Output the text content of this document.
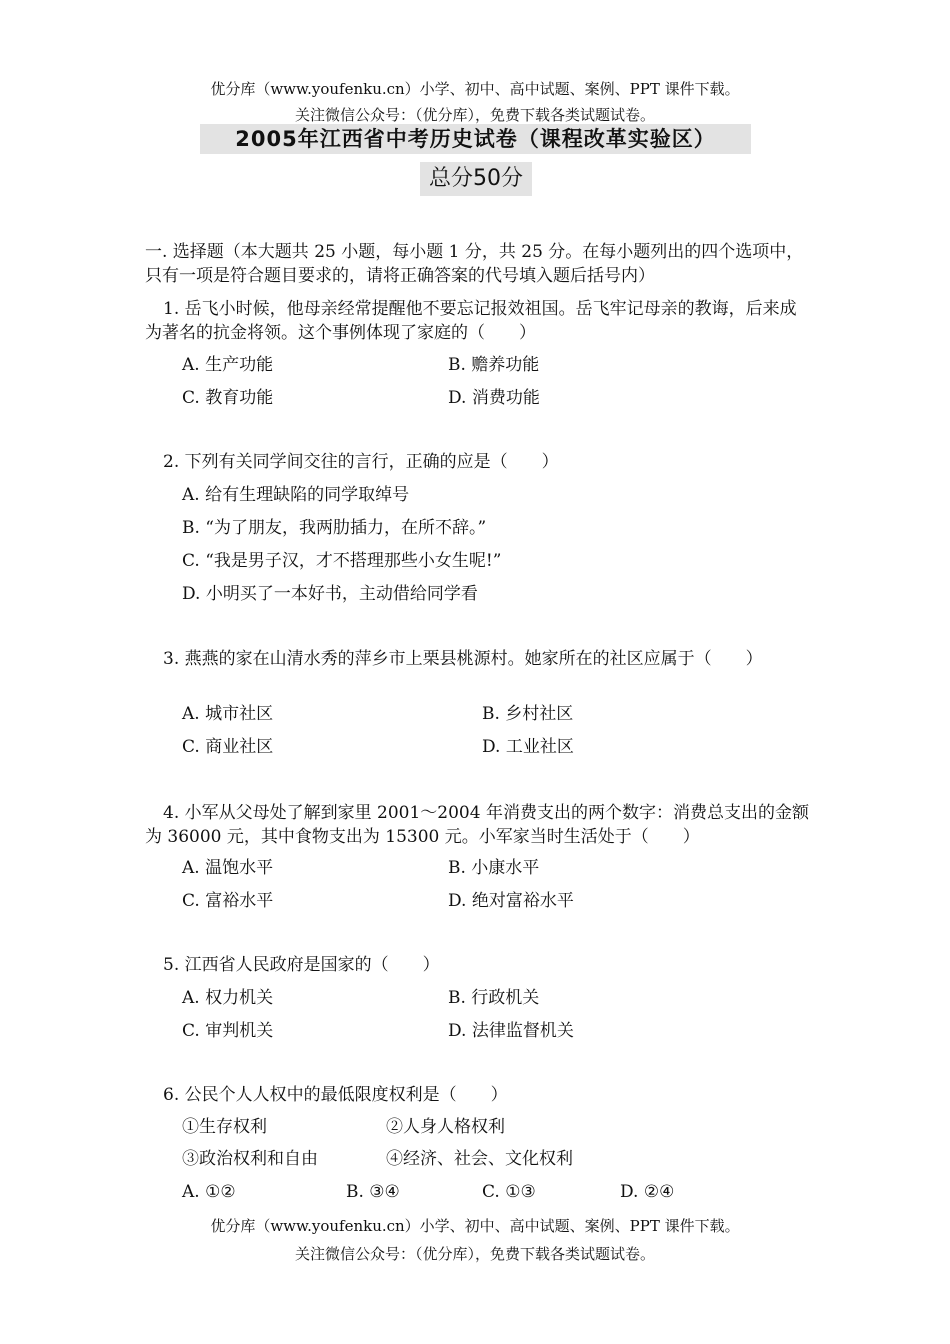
优分库（www.youfenku.cn）小学、初中、高中试题、案例、PPT 课件下载。
关注微信公众号：（优分库），免费下载各类试题试卷。
2005年江西省中考历史试卷（课程改革实验区）
总分50分
一. 选择题（本大题共 25 小题，每小题 1 分，共 25 分。在每小题列出的四个选项中，只有一项是符合题目要求的，请将正确答案的代号填入题后括号内）
1. 岳飞小时候，他母亲经常提醒他不要忘记报效祖国。岳飞牢记母亲的教诲，后来成为著名的抗金将领。这个事例体现了家庭的（　　）
A. 生产功能	B. 赡养功能
C. 教育功能	D. 消费功能
2. 下列有关同学间交往的言行，正确的应是（　　）
A. 给有生理缺陷的同学取绰号
B. “为了朋友，我两肋插力，在所不辞。”
C. “我是男子汉，才不搭理那些小女生呢!”
D. 小明买了一本好书，主动借给同学看
3. 燕燕的家在山清水秀的萍乡市上栗县桃源村。她家所在的社区应属于（　　）
A. 城市社区	B. 乡村社区
C. 商业社区	D. 工业社区
4. 小军从父母处了解到家里 2001～2004 年消费支出的两个数字：消费总支出的金额为 36000 元，其中食物支出为 15300 元。小军家当时生活处于（　　）
A. 温饱水平	B. 小康水平
C. 富裕水平	D. 绝对富裕水平
5. 江西省人民政府是国家的（　　）
A. 权力机关	B. 行政机关
C. 审判机关	D. 法律监督机关
6. 公民个人人权中的最低限度权利是（　　）
①生存权利	②人身人格权利
③政治权利和自由	④经济、社会、文化权利
A. ①②	B. ③④	C. ①③	D. ②④
优分库（www.youfenku.cn）小学、初中、高中试题、案例、PPT 课件下载。
关注微信公众号：（优分库），免费下载各类试题试卷。
